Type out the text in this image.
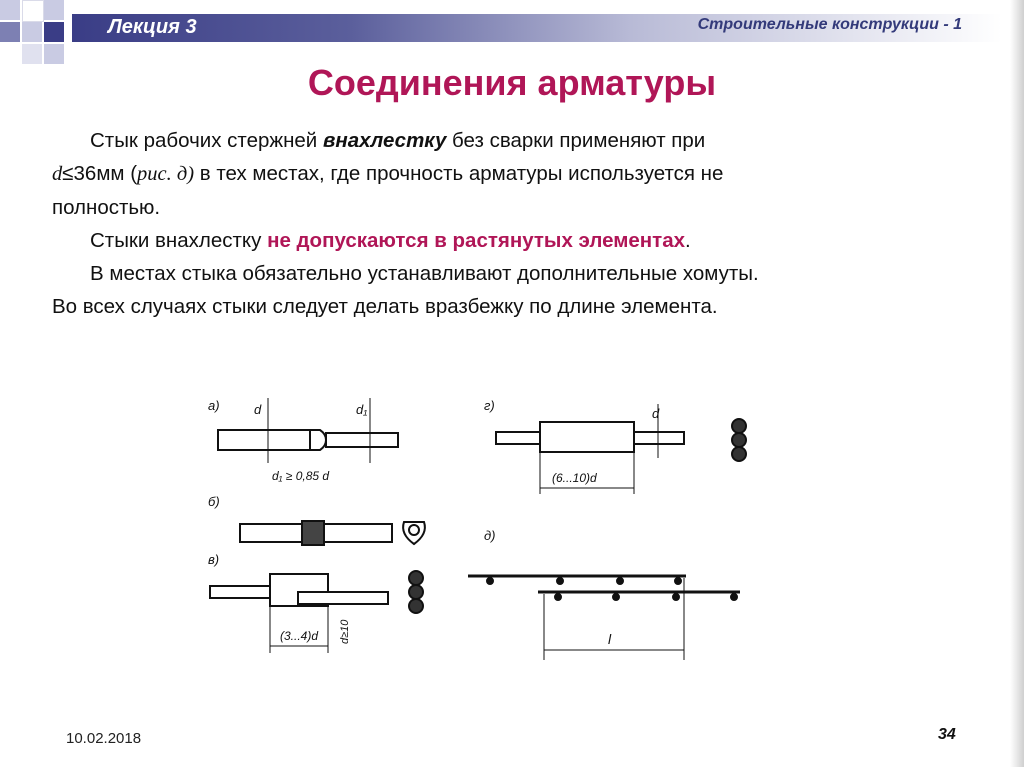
Лекция 3	Строительные конструкции - 1
Соединения арматуры

Стык рабочих стержней внахлестку без сварки применяют при

d≤36мм (рис. д) в тех местах, где прочность арматуры используется не

полностью.

Стыки внахлестку не допускаются в растянутых элементах.

В местах стыка обязательно устанавливают дополнительные хомуты.

Во всех случаях стыки следует делать вразбежку по длине элемента.

а)	d	d₁
d₁ ≥ 0,85 d
б)
в)
(3...4)d d≥10
г)
d
(6...10)d
д)
l
10.02.2018	34
